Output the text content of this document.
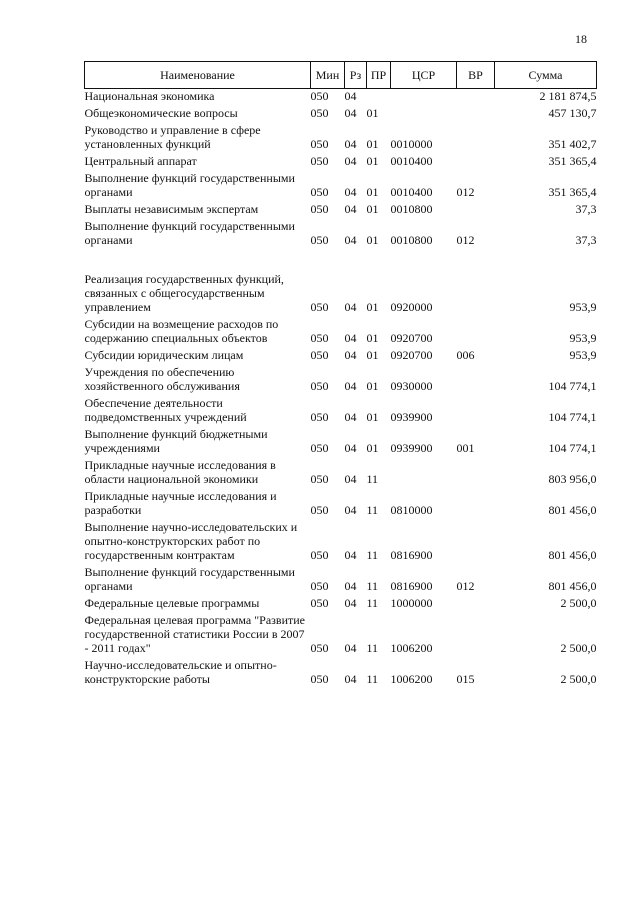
18
Наименование	Мин	Рз	ПР	ЦСР	ВР	Сумма
Национальная экономика	050	04				2 181 874,5
Общеэкономические вопросы	050	04	01			457 130,7
Руководство и управление в сфере установленных функций	050	04	01	0010000		351 402,7
Центральный аппарат	050	04	01	0010400		351 365,4
Выполнение функций государственными органами	050	04	01	0010400	012	351 365,4
Выплаты независимым экспертам	050	04	01	0010800		37,3
Выполнение функций государственными органами	050	04	01	0010800	012	37,3
Реализация государственных функций, связанных с общегосударственным управлением	050	04	01	0920000		953,9
Субсидии на возмещение расходов по содержанию специальных объектов	050	04	01	0920700		953,9
Субсидии юридическим лицам	050	04	01	0920700	006	953,9
Учреждения по обеспечению хозяйственного обслуживания	050	04	01	0930000		104 774,1
Обеспечение деятельности подведомственных учреждений	050	04	01	0939900		104 774,1
Выполнение функций бюджетными учреждениями	050	04	01	0939900	001	104 774,1
Прикладные научные исследования в области национальной экономики	050	04	11			803 956,0
Прикладные научные исследования и разработки	050	04	11	0810000		801 456,0
Выполнение научно-исследовательских и опытно-конструкторских работ по государственным контрактам	050	04	11	0816900		801 456,0
Выполнение функций государственными органами	050	04	11	0816900	012	801 456,0
Федеральные целевые программы	050	04	11	1000000		2 500,0
Федеральная целевая программа "Развитие государственной статистики России в 2007 - 2011 годах"	050	04	11	1006200		2 500,0
Научно-исследовательские и опытно-конструкторские работы	050	04	11	1006200	015	2 500,0
